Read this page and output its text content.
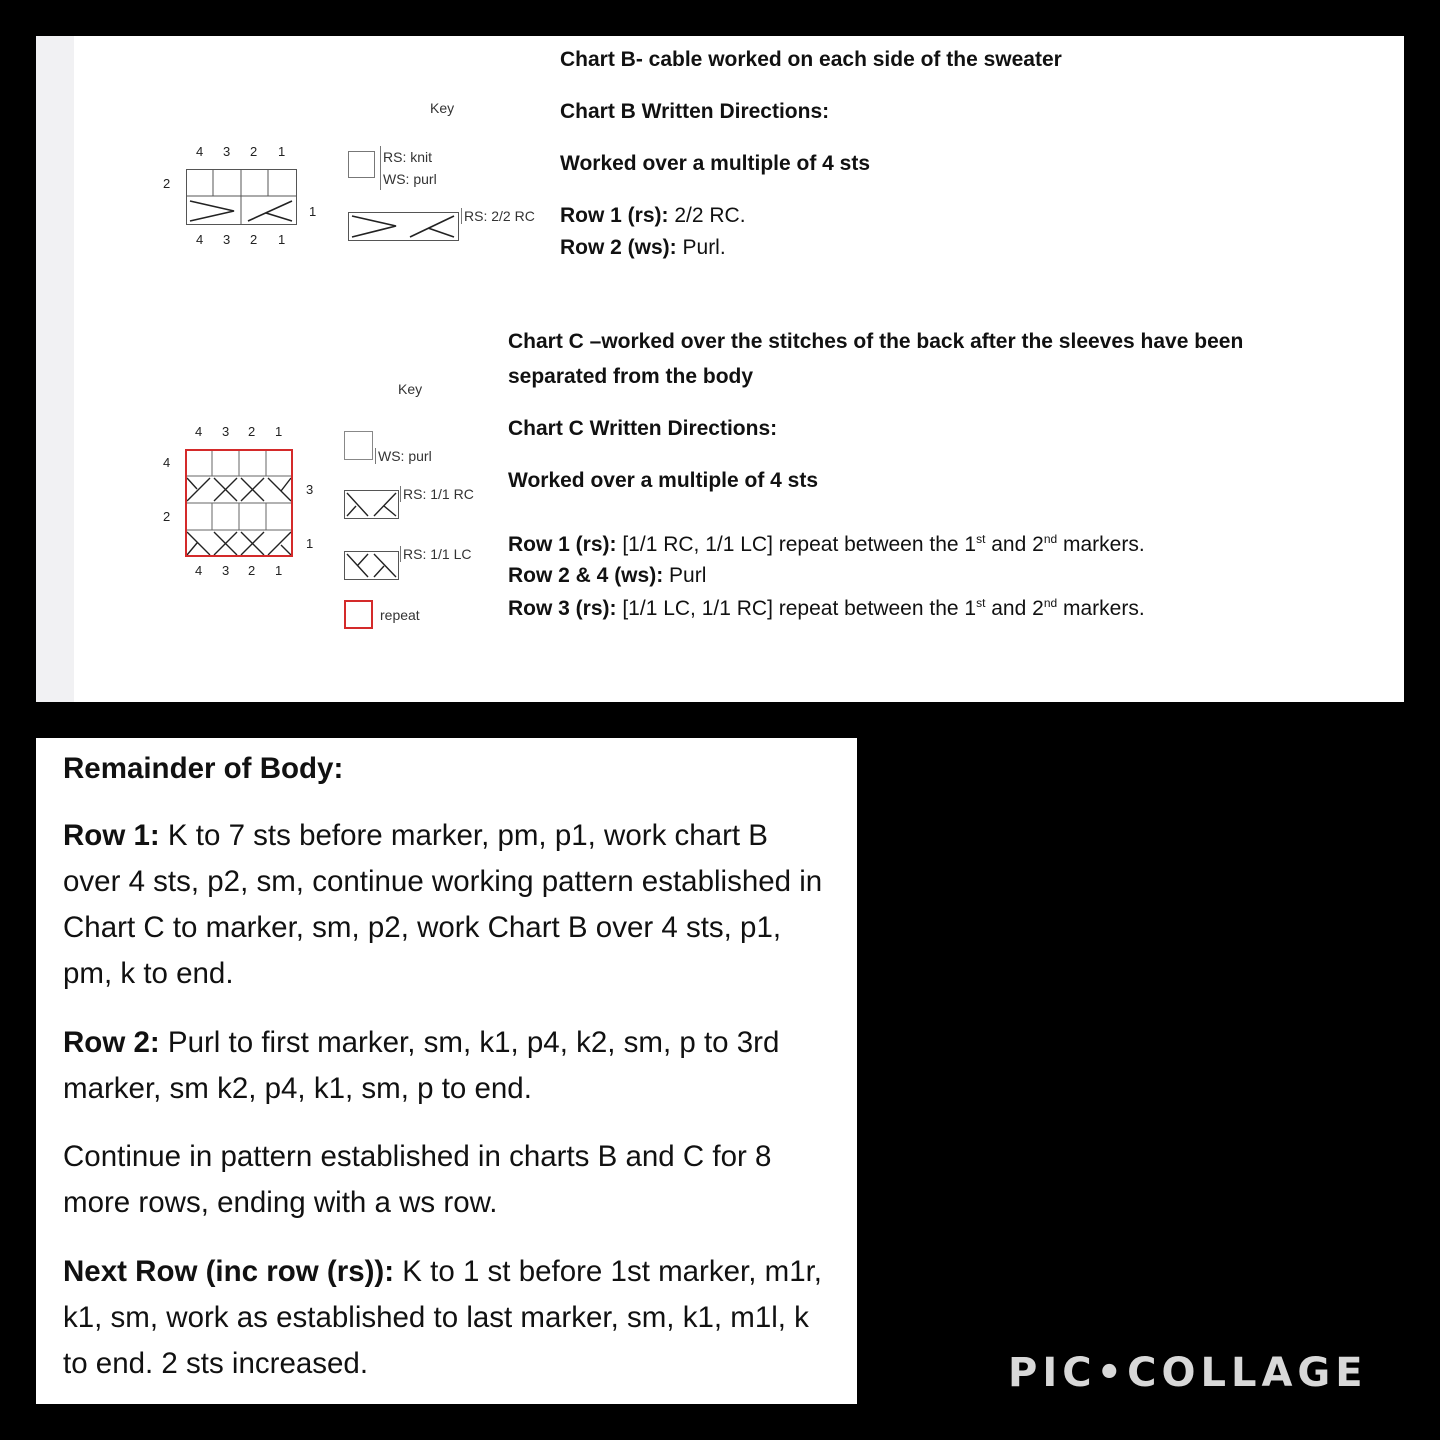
Key
4 3 2 1
2
1
4 3 2 1
RS: knit
WS: purl
RS: 2/2 RC
Chart B- cable worked on each side of the sweater
Chart B Written Directions:
Worked over a multiple of 4 sts
Row 1 (rs): 2/2 RC.
Row 2 (ws): Purl.
Key
4 3 2 1
4
2
3
1
4 3 2 1
WS: purl
RS: 1/1 RC
RS: 1/1 LC
repeat
Chart C –worked over the stitches of the back after the sleeves have been
separated from the body
Chart C Written Directions:
Worked over a multiple of 4 sts
Row 1 (rs): [1/1 RC, 1/1 LC] repeat between the 1st and 2nd markers.
Row 2 & 4 (ws): Purl
Row 3 (rs): [1/1 LC, 1/1 RC] repeat between the 1st and 2nd markers.
Remainder of Body:
Row 1: K to 7 sts before marker, pm, p1, work chart B over 4 sts, p2, sm, continue working pattern established in Chart C to marker, sm, p2, work Chart B over 4 sts, p1, pm, k to end.
Row 2: Purl to first marker, sm, k1, p4, k2, sm, p to 3rd marker, sm k2, p4, k1, sm, p to end.
Continue in pattern established in charts B and C for 8 more rows, ending with a ws row.
Next Row (inc row (rs)): K to 1 st before 1st marker, m1r, k1, sm, work as established to last marker, sm, k1, m1l, k to end. 2 sts increased.	PIC•COLLAGE
